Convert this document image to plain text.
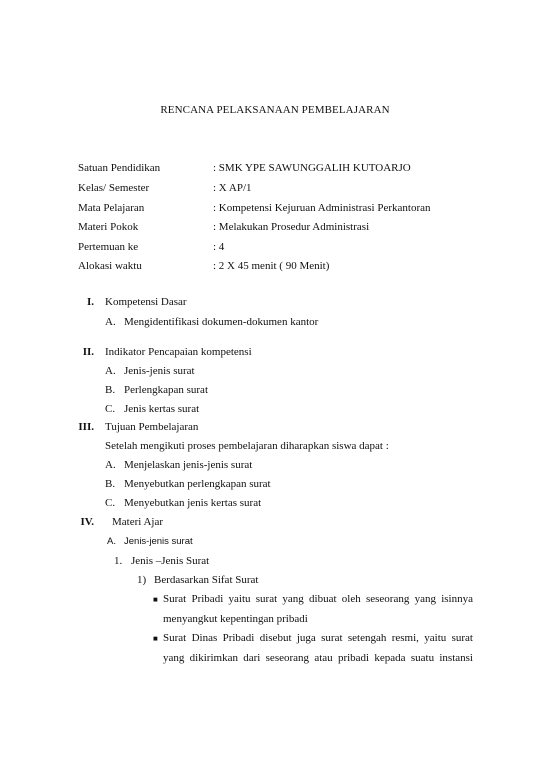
RENCANA PELAKSANAAN PEMBELAJARAN
Satuan Pendidikan	: SMK YPE SAWUNGGALIH KUTOARJO
Kelas/ Semester	: X AP/1
Mata Pelajaran	: Kompetensi Kejuruan Administrasi Perkantoran
Materi Pokok	: Melakukan Prosedur Administrasi
Pertemuan ke	: 4
Alokasi waktu	: 2 X 45 menit ( 90 Menit)
I. Kompetensi Dasar
A. Mengidentifikasi dokumen-dokumen kantor
II. Indikator Pencapaian kompetensi
A. Jenis-jenis surat
B. Perlengkapan surat
C. Jenis kertas surat
III. Tujuan Pembelajaran
Setelah mengikuti proses pembelajaran diharapkan siswa dapat :
A. Menjelaskan jenis-jenis surat
B. Menyebutkan perlengkapan surat
C. Menyebutkan jenis kertas surat
IV. Materi Ajar
A. Jenis-jenis surat
1. Jenis –Jenis Surat
1) Berdasarkan Sifat Surat
■ Surat Pribadi yaitu surat yang dibuat oleh seseorang yang isinnya
menyangkut kepentingan pribadi
■ Surat Dinas Pribadi disebut juga surat setengah resmi, yaitu surat
yang dikirimkan dari seseorang atau pribadi kepada suatu instansi
